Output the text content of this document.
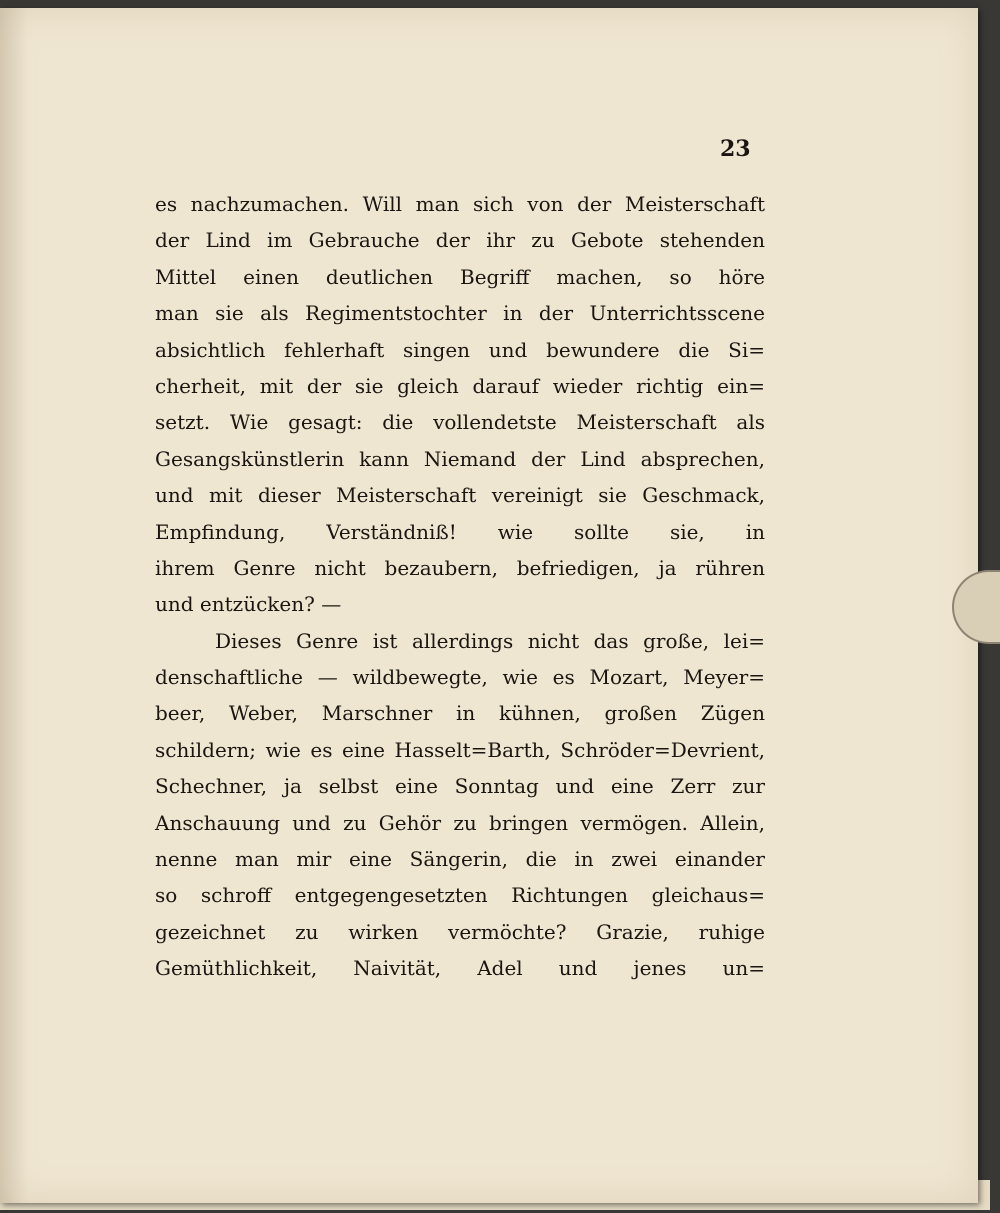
23
es nachzumachen. Will man sich von der Meisterschaft
der Lind im Gebrauche der ihr zu Gebote stehenden
Mittel einen deutlichen Begriff machen, so höre
man sie als Regimentstochter in der Unterrichtsscene
absichtlich fehlerhaft singen und bewundere die Si=
cherheit, mit der sie gleich darauf wieder richtig ein=
setzt. Wie gesagt: die vollendetste Meisterschaft als
Gesangskünstlerin kann Niemand der Lind absprechen,
und mit dieser Meisterschaft vereinigt sie Geschmack,
Empfindung, Verständniß! wie sollte sie, in
ihrem Genre nicht bezaubern, befriedigen, ja rühren
und entzücken? —
Dieses Genre ist allerdings nicht das große, lei=
denschaftliche — wildbewegte, wie es Mozart, Meyer=
beer, Weber, Marschner in kühnen, großen Zügen
schildern; wie es eine Hasselt=Barth, Schröder=Devrient,
Schechner, ja selbst eine Sonntag und eine Zerr zur
Anschauung und zu Gehör zu bringen vermögen. Allein,
nenne man mir eine Sängerin, die in zwei einander
so schroff entgegengesetzten Richtungen gleichaus=
gezeichnet zu wirken vermöchte? Grazie, ruhige
Gemüthlichkeit, Naivität, Adel und jenes un=
